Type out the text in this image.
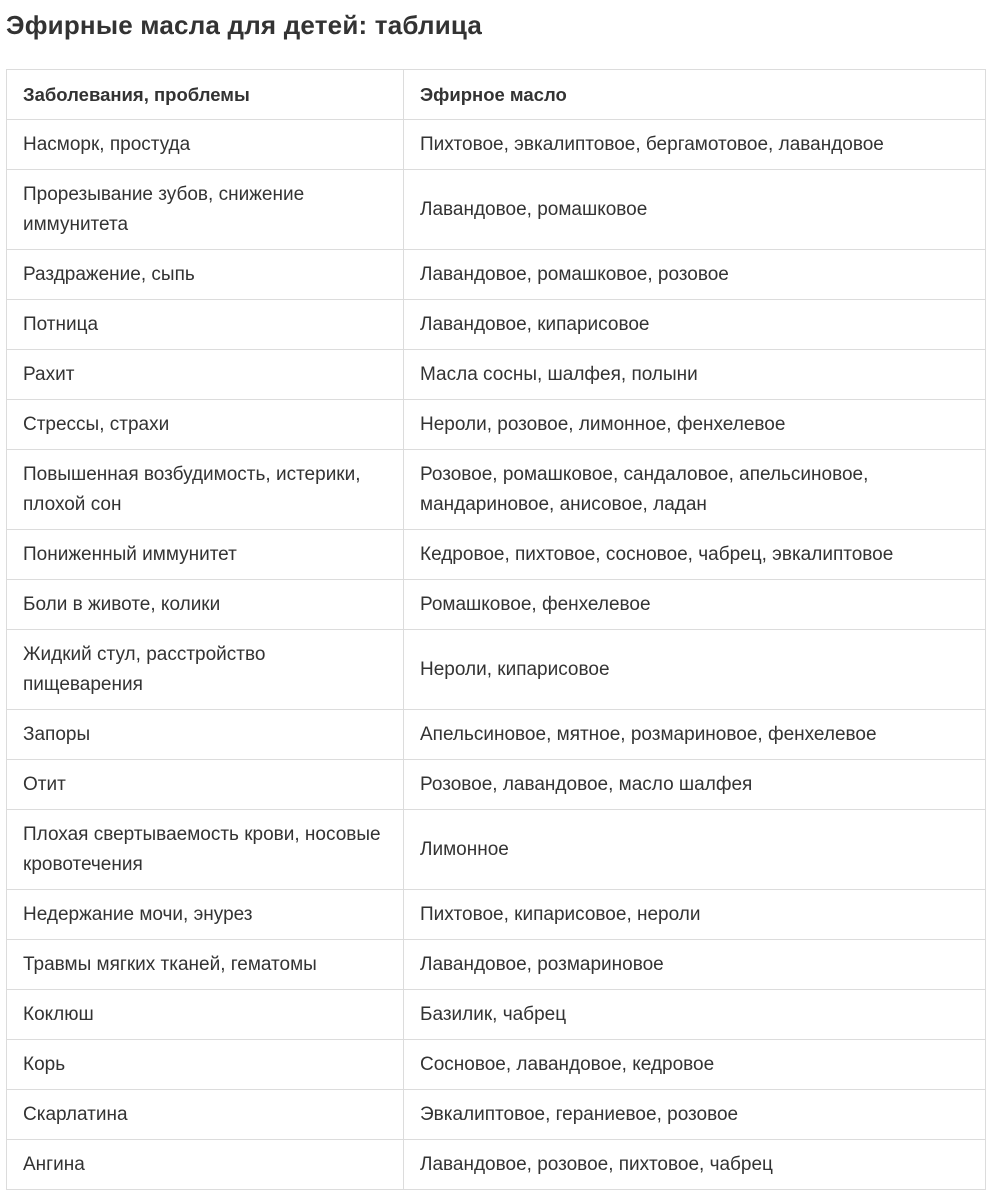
Эфирные масла для детей: таблица
Заболевания, проблемы	Эфирное масло
Насморк, простуда	Пихтовое, эвкалиптовое, бергамотовое, лавандовое
Прорезывание зубов, снижение иммунитета	Лавандовое, ромашковое
Раздражение, сыпь	Лавандовое, ромашковое, розовое
Потница	Лавандовое, кипарисовое
Рахит	Масла сосны, шалфея, полыни
Стрессы, страхи	Нероли, розовое, лимонное, фенхелевое
Повышенная возбудимость, истерики, плохой сон	Розовое, ромашковое, сандаловое, апельсиновое, мандариновое, анисовое, ладан
Пониженный иммунитет	Кедровое, пихтовое, сосновое, чабрец, эвкалиптовое
Боли в животе, колики	Ромашковое, фенхелевое
Жидкий стул, расстройство пищеварения	Нероли, кипарисовое
Запоры	Апельсиновое, мятное, розмариновое, фенхелевое
Отит	Розовое, лавандовое, масло шалфея
Плохая свертываемость крови, носовые кровотечения	Лимонное
Недержание мочи, энурез	Пихтовое, кипарисовое, нероли
Травмы мягких тканей, гематомы	Лавандовое, розмариновое
Коклюш	Базилик, чабрец
Корь	Сосновое, лавандовое, кедровое
Скарлатина	Эвкалиптовое, гераниевое, розовое
Ангина	Лавандовое, розовое, пихтовое, чабрец
